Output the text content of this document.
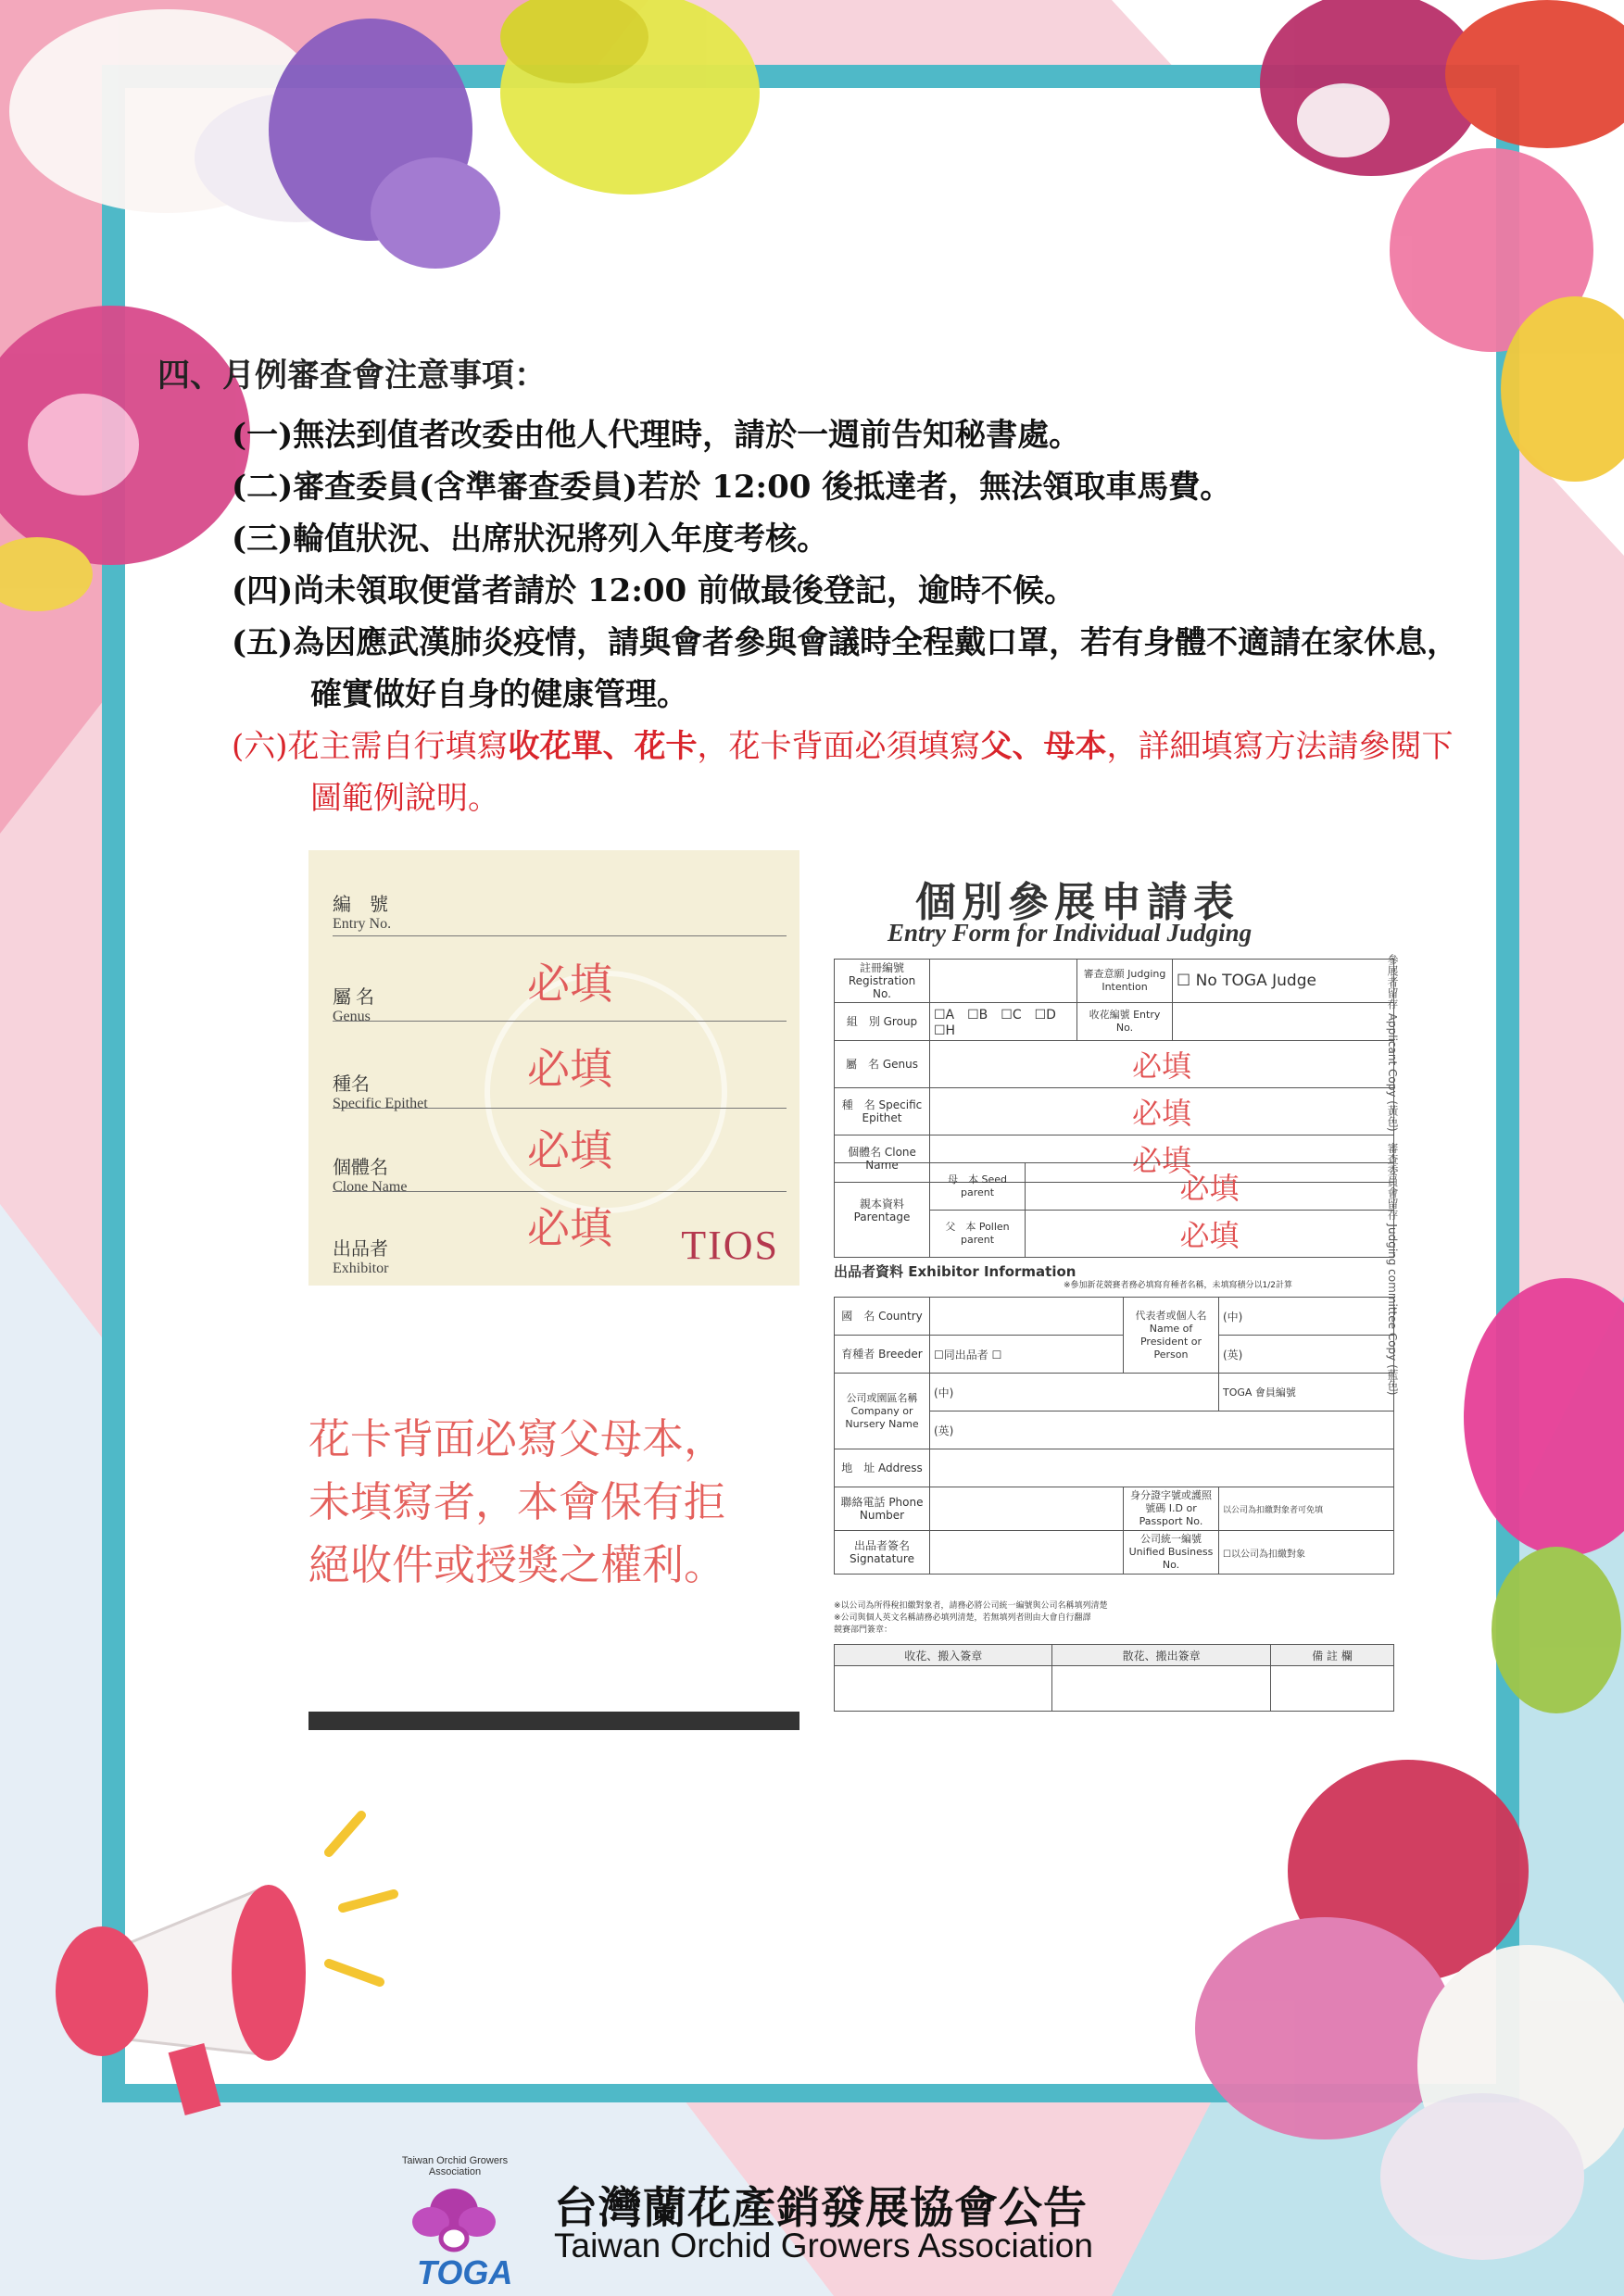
四、月例審查會注意事項：
(一)無法到值者改委由他人代理時，請於一週前告知秘書處。
(二)審查委員(含準審查委員)若於 12:00 後抵達者，無法領取車馬費。
(三)輪值狀況、出席狀況將列入年度考核。
(四)尚未領取便當者請於 12:00 前做最後登記，逾時不候。
(五)為因應武漢肺炎疫情，請與會者參與會議時全程戴口罩，若有身體不適請在家休息，確實做好自身的健康管理。
(六)花主需自行填寫收花單、花卡，花卡背面必須填寫父、母本，詳細填寫方法請參閱下圖範例說明。
編　號
Entry No.
屬 名
Genus
必填
種名
Specific Epithet
必填
個體名
Clone Name
必填
出品者
Exhibitor
必填 TIOS
花卡背面必寫父母本，
未填寫者，本會保有拒
絕收件或授獎之權利。
個別參展申請表
Entry Form for Individual Judging
參展者留存 Applicant Copy (黃色)　審查委員會留存 Judging committee Copy (藍色)
註冊編號 Registration No.		審查意願 Judging Intention	☐ No TOGA Judge
組　別 Group	☐A　☐B　☐C　☐D　☐H	收花編號 Entry No.	
屬　名 Genus	必填		
種　名 Specific Epithet	必填		
個體名 Clone Name	必填		
親本資料 Parentage	母　本 Seed parent	必填
	父　本 Pollen parent	必填
出品者資料 Exhibitor Information
※參加新花競賽者務必填寫育種者名稱，未填寫積分以1/2計算
國　名 Country		代表者或個人名 Name of President or Person	(中)
育種者 Breeder	☐同出品者 ☐		(英)
公司或園區名稱 Company or Nursery Name	(中)		TOGA 會員編號
	(英)		
地　址 Address			
聯絡電話 Phone Number		身分證字號或護照號碼 I.D or Passport No.	以公司為扣繳對象者可免填
出品者簽名 Signatature		公司統一編號 Unified Business No.	☐以公司為扣繳對象
※以公司為所得稅扣繳對象者，請務必將公司統一編號與公司名稱填列清楚
※公司與個人英文名稱請務必填列清楚，若無填列者則由大會自行翻譯
競賽部門簽章：
收花、搬入簽章	散花、搬出簽章	備 註 欄

Taiwan Orchid Growers Association
TOGA
台灣蘭花產銷發展協會公告
Taiwan Orchid Growers Association
